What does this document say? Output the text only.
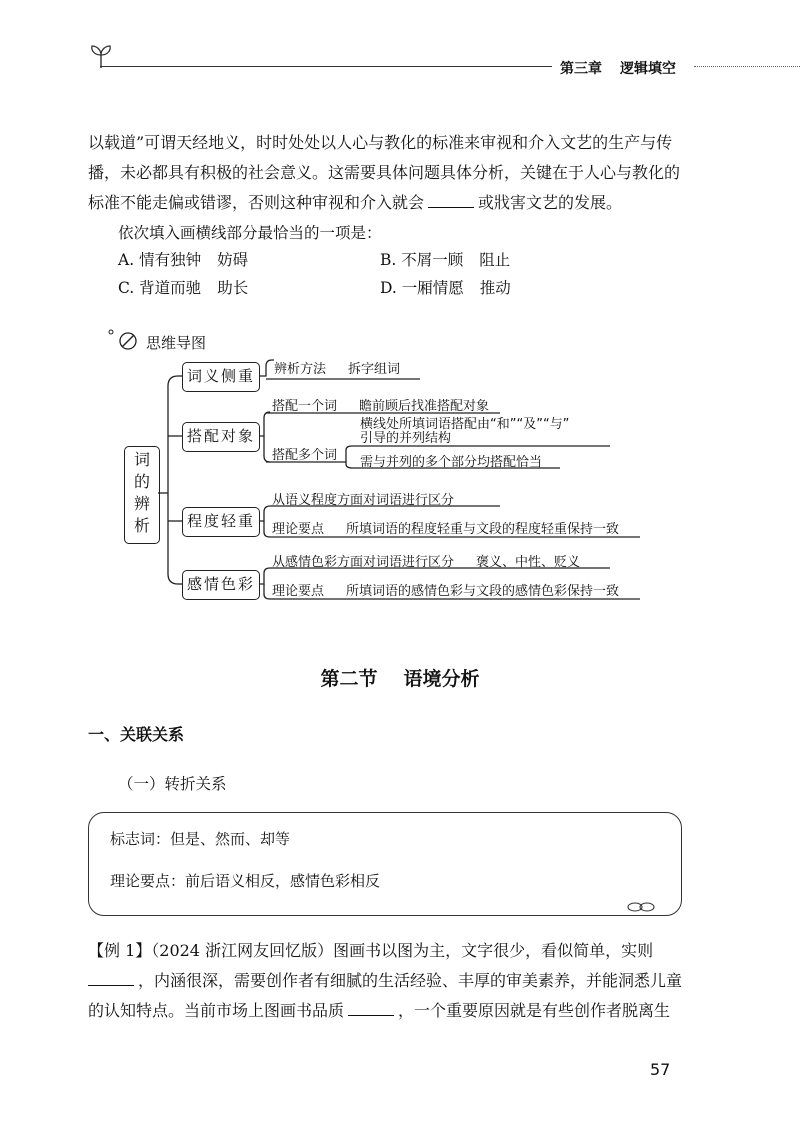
第三章 逻辑填空
以载道”可谓天经地义，时时处处以人心与教化的标准来审视和介入文艺的生产与传
播，未必都具有积极的社会意义。这需要具体问题具体分析，关键在于人心与教化的
标准不能走偏或错谬，否则这种审视和介入就会	或戕害文艺的发展。
依次填入画横线部分最恰当的一项是：
A. 情有独钟 妨碍	B. 不屑一顾 阻止
C. 背道而驰 助长	D. 一厢情愿 推动
思维导图
词
的
辨
析
词义侧重
搭配对象
程度轻重
感情色彩
辨析方法 拆字组词
搭配一个词 瞻前顾后找准搭配对象
搭配多个词
横线处所填词语搭配由“和”“及”“与”
引导的并列结构
需与并列的多个部分均搭配恰当
从语义程度方面对词语进行区分
理论要点 所填词语的程度轻重与文段的程度轻重保持一致
从感情色彩方面对词语进行区分 褒义、中性、贬义
理论要点 所填词语的感情色彩与文段的感情色彩保持一致
第二节 语境分析
一、关联关系
（一）转折关系
标志词：但是、然而、却等
理论要点：前后语义相反，感情色彩相反
【例 1】（2024 浙江网友回忆版）图画书以图为主，文字很少，看似简单，实则
，内涵很深，需要创作者有细腻的生活经验、丰厚的审美素养，并能洞悉儿童
的认知特点。当前市场上图画书品质	，一个重要原因就是有些创作者脱离生
57
